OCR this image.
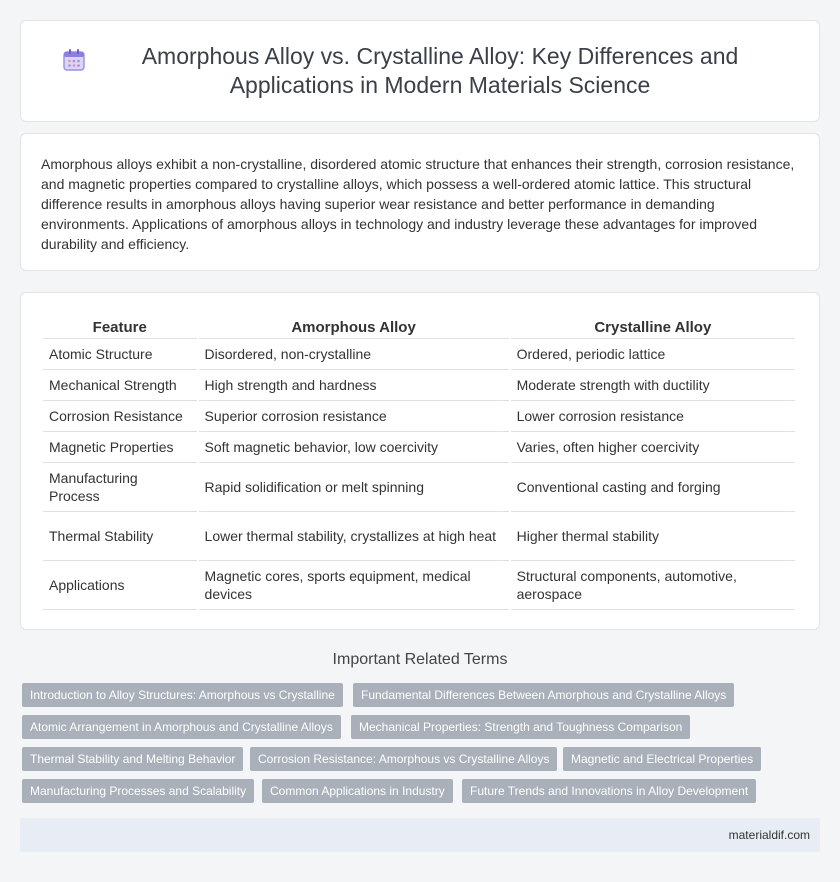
Amorphous Alloy vs. Crystalline Alloy: Key Differences and Applications in Modern Materials Science

Amorphous alloys exhibit a non-crystalline, disordered atomic structure that enhances their strength, corrosion resistance, and magnetic properties compared to crystalline alloys, which possess a well-ordered atomic lattice. This structural difference results in amorphous alloys having superior wear resistance and better performance in demanding environments. Applications of amorphous alloys in technology and industry leverage these advantages for improved durability and efficiency.

Feature	Amorphous Alloy	Crystalline Alloy
Atomic Structure	Disordered, non-crystalline	Ordered, periodic lattice
Mechanical Strength	High strength and hardness	Moderate strength with ductility
Corrosion Resistance	Superior corrosion resistance	Lower corrosion resistance
Magnetic Properties	Soft magnetic behavior, low coercivity	Varies, often higher coercivity
Manufacturing Process	Rapid solidification or melt spinning	Conventional casting and forging
Thermal Stability	Lower thermal stability, crystallizes at high heat	Higher thermal stability
Applications	Magnetic cores, sports equipment, medical devices	Structural components, automotive, aerospace
Important Related Terms
Introduction to Alloy Structures: Amorphous vs Crystalline	Fundamental Differences Between Amorphous and Crystalline Alloys
Atomic Arrangement in Amorphous and Crystalline Alloys	Mechanical Properties: Strength and Toughness Comparison
Thermal Stability and Melting Behavior	Corrosion Resistance: Amorphous vs Crystalline Alloys	Magnetic and Electrical Properties
Manufacturing Processes and Scalability	Common Applications in Industry	Future Trends and Innovations in Alloy Development
materialdif.com
